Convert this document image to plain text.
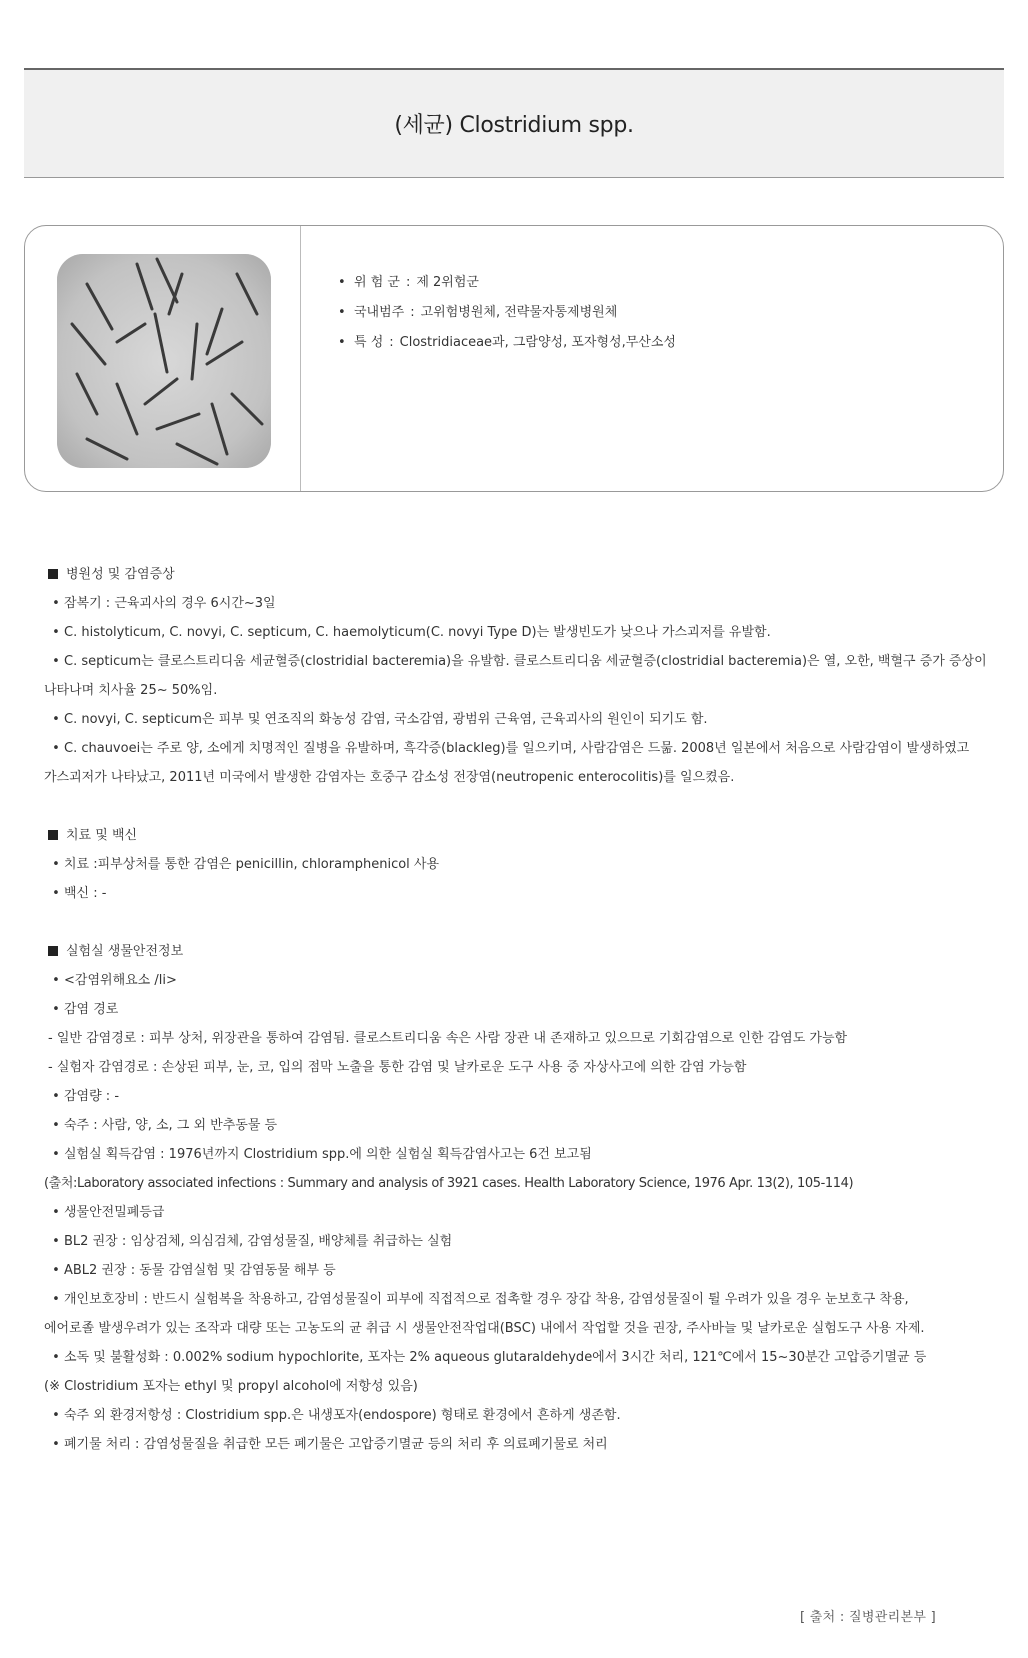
(세균) Clostridium spp.
• 위 험 군 : 제 2위험군
• 국내범주 : 고위험병원체, 전략물자통제병원체
• 특 성 : Clostridiaceae과, 그람양성, 포자형성,무산소성
병원성 및 감염증상
• 잠복기 : 근육괴사의 경우 6시간~3일
• C. histolyticum, C. novyi, C. septicum, C. haemolyticum(C. novyi Type D)는 발생빈도가 낮으나 가스괴저를 유발함.
• C. septicum는 클로스트리디움 세균혈증(clostridial bacteremia)을 유발함. 클로스트리디움 세균혈증(clostridial bacteremia)은 열, 오한, 백혈구 증가 증상이
나타나며 치사율 25~ 50%임.
• C. novyi, C. septicum은 피부 및 연조직의 화농성 감염, 국소감염, 광범위 근육염, 근육괴사의 원인이 되기도 함.
• C. chauvoei는 주로 양, 소에게 치명적인 질병을 유발하며, 흑각증(blackleg)를 일으키며, 사람감염은 드묾. 2008년 일본에서 처음으로 사람감염이 발생하였고
가스괴저가 나타났고, 2011년 미국에서 발생한 감염자는 호중구 감소성 전장염(neutropenic enterocolitis)를 일으켰음.
치료 및 백신
• 치료 :피부상처를 통한 감염은 penicillin, chloramphenicol 사용
• 백신 : -
실험실 생물안전정보
• <감염위해요소 /li>
• 감염 경로
- 일반 감염경로 : 피부 상처, 위장관을 통하여 감염됨. 클로스트리디움 속은 사람 장관 내 존재하고 있으므로 기회감염으로 인한 감염도 가능함
- 실험자 감염경로 : 손상된 피부, 눈, 코, 입의 점막 노출을 통한 감염 및 날카로운 도구 사용 중 자상사고에 의한 감염 가능함
• 감염량 : -
• 숙주 : 사람, 양, 소, 그 외 반추동물 등
• 실험실 획득감염 : 1976년까지 Clostridium spp.에 의한 실험실 획득감염사고는 6건 보고됨
(출처:Laboratory associated infections : Summary and analysis of 3921 cases. Health Laboratory Science, 1976 Apr. 13(2), 105-114)
• 생물안전밀폐등급
• BL2 권장 : 임상검체, 의심검체, 감염성물질, 배양체를 취급하는 실험
• ABL2 권장 : 동물 감염실험 및 감염동물 해부 등
• 개인보호장비 : 반드시 실험복을 착용하고, 감염성물질이 피부에 직접적으로 접촉할 경우 장갑 착용, 감염성물질이 튈 우려가 있을 경우 눈보호구 착용,
에어로졸 발생우려가 있는 조작과 대량 또는 고농도의 균 취급 시 생물안전작업대(BSC) 내에서 작업할 것을 권장, 주사바늘 및 날카로운 실험도구 사용 자제.
• 소독 및 불활성화 : 0.002% sodium hypochlorite, 포자는 2% aqueous glutaraldehyde에서 3시간 처리, 121℃에서 15~30분간 고압증기멸균 등
(※ Clostridium 포자는 ethyl 및 propyl alcohol에 저항성 있음)
• 숙주 외 환경저항성 : Clostridium spp.은 내생포자(endospore) 형태로 환경에서 흔하게 생존함.
• 폐기물 처리 : 감염성물질을 취급한 모든 폐기물은 고압증기멸균 등의 처리 후 의료폐기물로 처리
[ 출처 : 질병관리본부 ]
